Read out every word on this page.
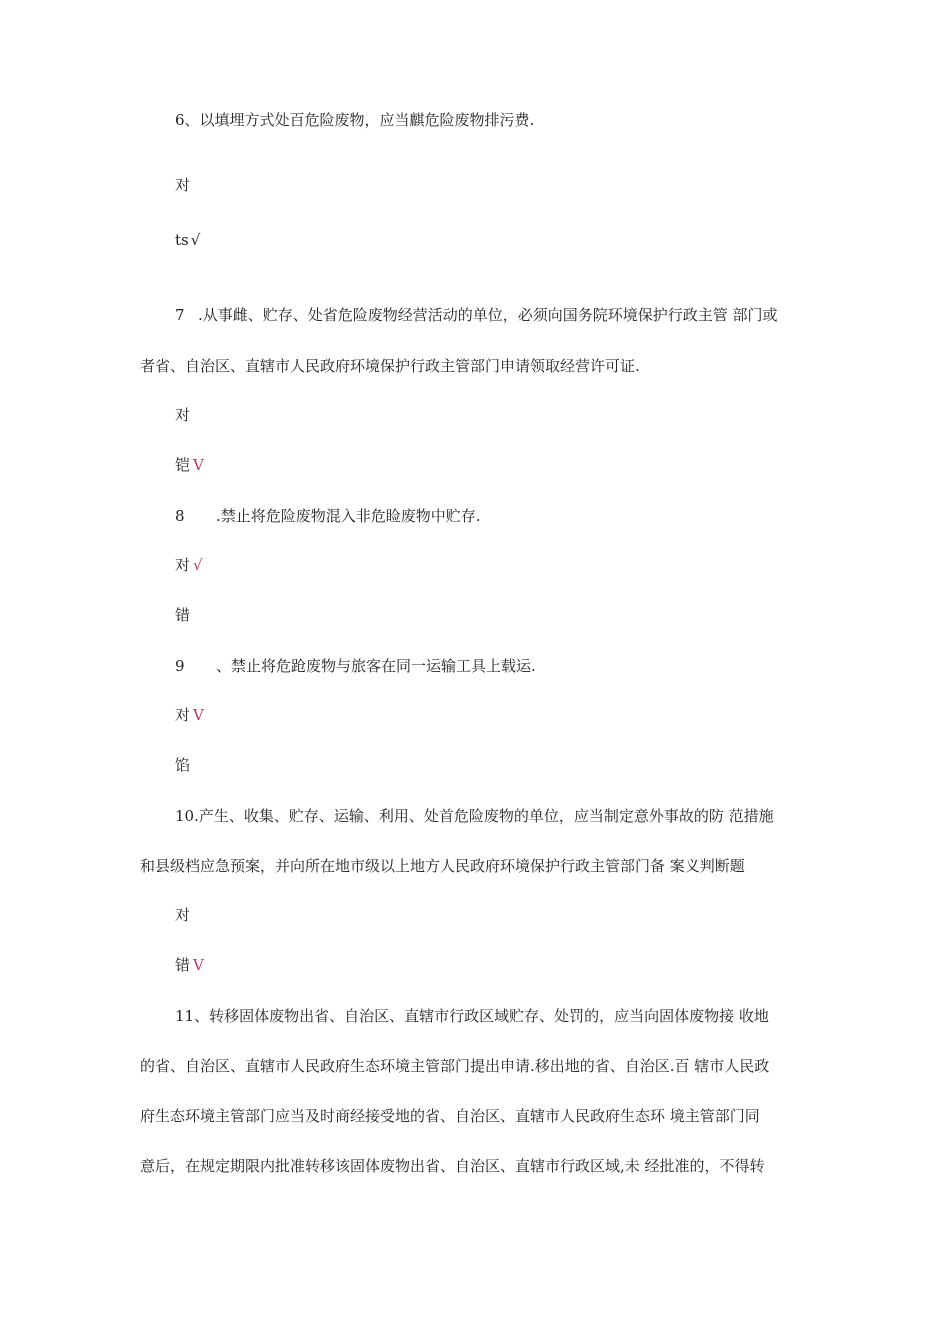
6、以填埋方式处百危险废物，应当麒危险废物排污费.
对
ts √
7 .从事雌、贮存、处省危险废物经营活动的单位，必须向国务院环境保护行政主管 部门或
者省、自治区、直辖市人民政府环境保护行政主管部门申请领取经营许可证.
对
铠 V
8 .禁止将危险废物混入非危睑废物中贮存.
对 √
错
9 、禁止将危跄废物与旅客在同一运输工具上载运.
对 V
馅
10.产生、收集、贮存、运输、利用、处首危险废物的单位，应当制定意外事故的防 范措施
和县级档应急预案，并向所在地市级以上地方人民政府环境保护行政主管部门备 案义判断题
对
错 V
11、转移固体废物出省、自治区、直辖市行政区域贮存、处罚的，应当向固体废物接 收地
的省、自治区、直辖市人民政府生态环境主管部门提出申请.移出地的省、自治区.百 辖市人民政
府生态环境主管部门应当及时商经接受地的省、自治区、直辖市人民政府生态环 境主管部门同
意后，在规定期限内批准转移该固体废物出省、自治区、直辖市行政区域,未 经批准的，不得转
